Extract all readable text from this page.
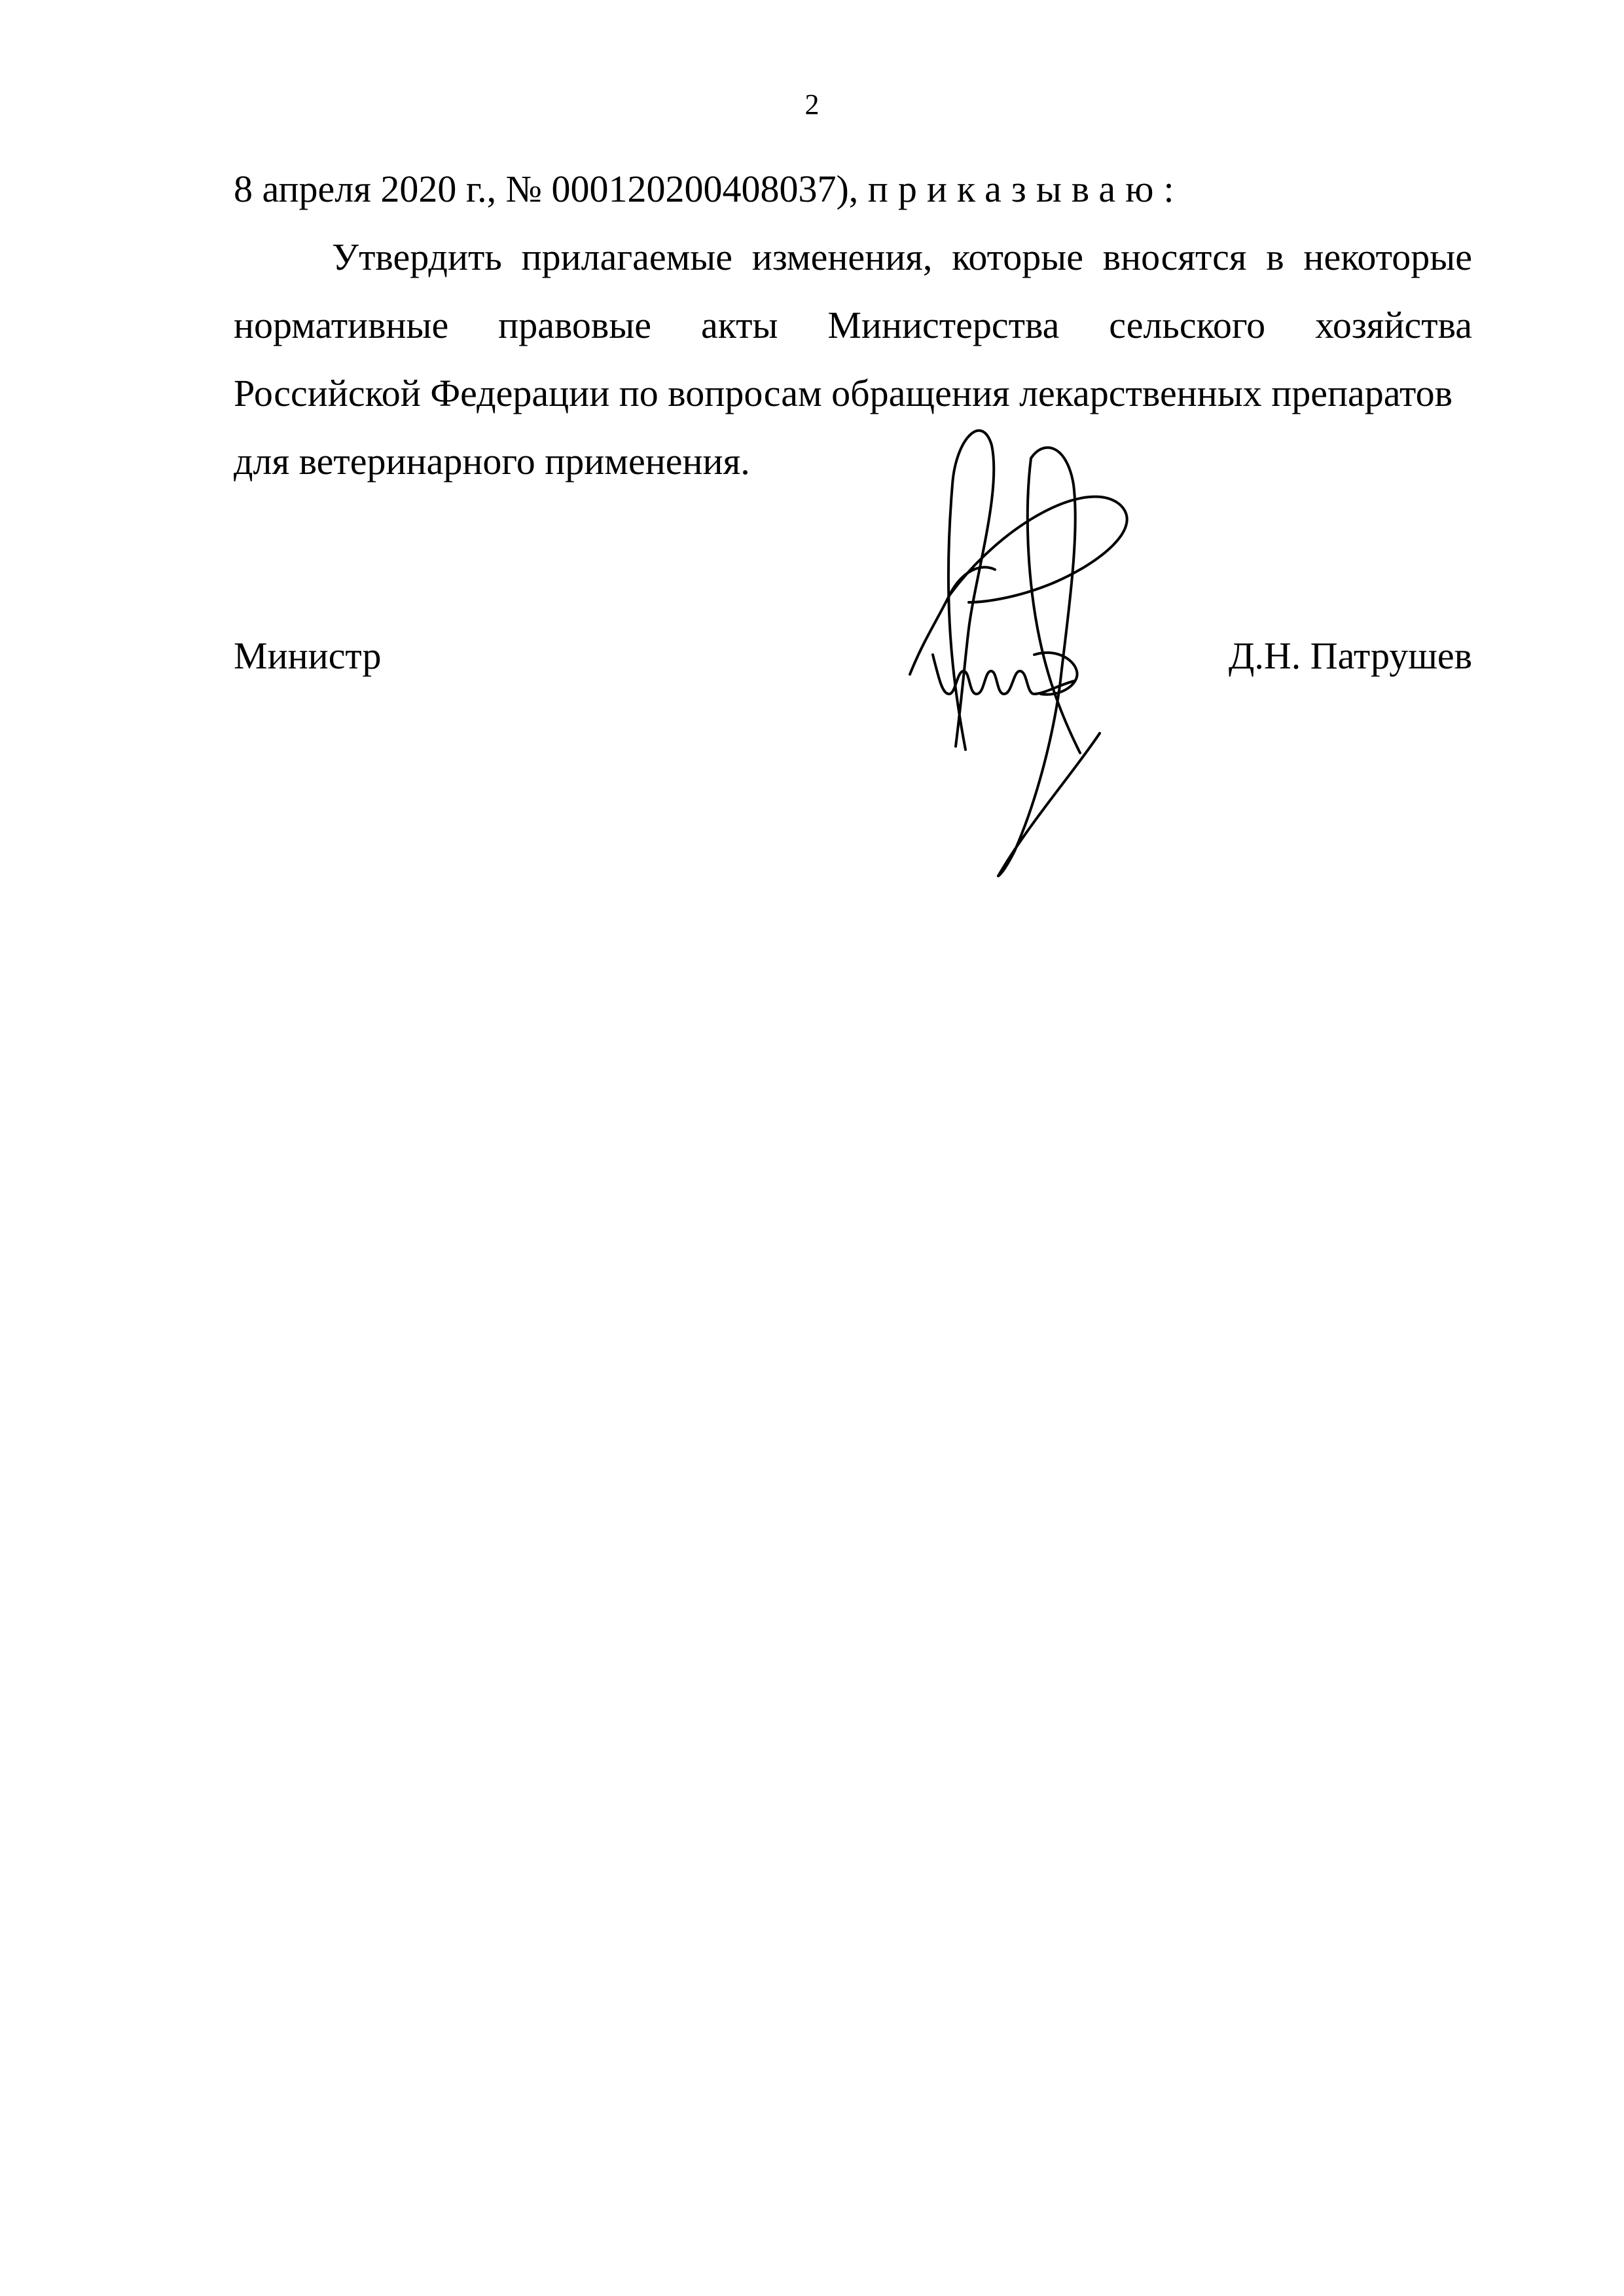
2
8 апреля 2020 г., № 000120200408037), приказываю:
Утвердить прилагаемые изменения, которые вносятся в некоторые
нормативные правовые акты Министерства сельского хозяйства
Российской Федерации по вопросам обращения лекарственных препаратов
для ветеринарного применения.
Министр	Д.Н. Патрушев
